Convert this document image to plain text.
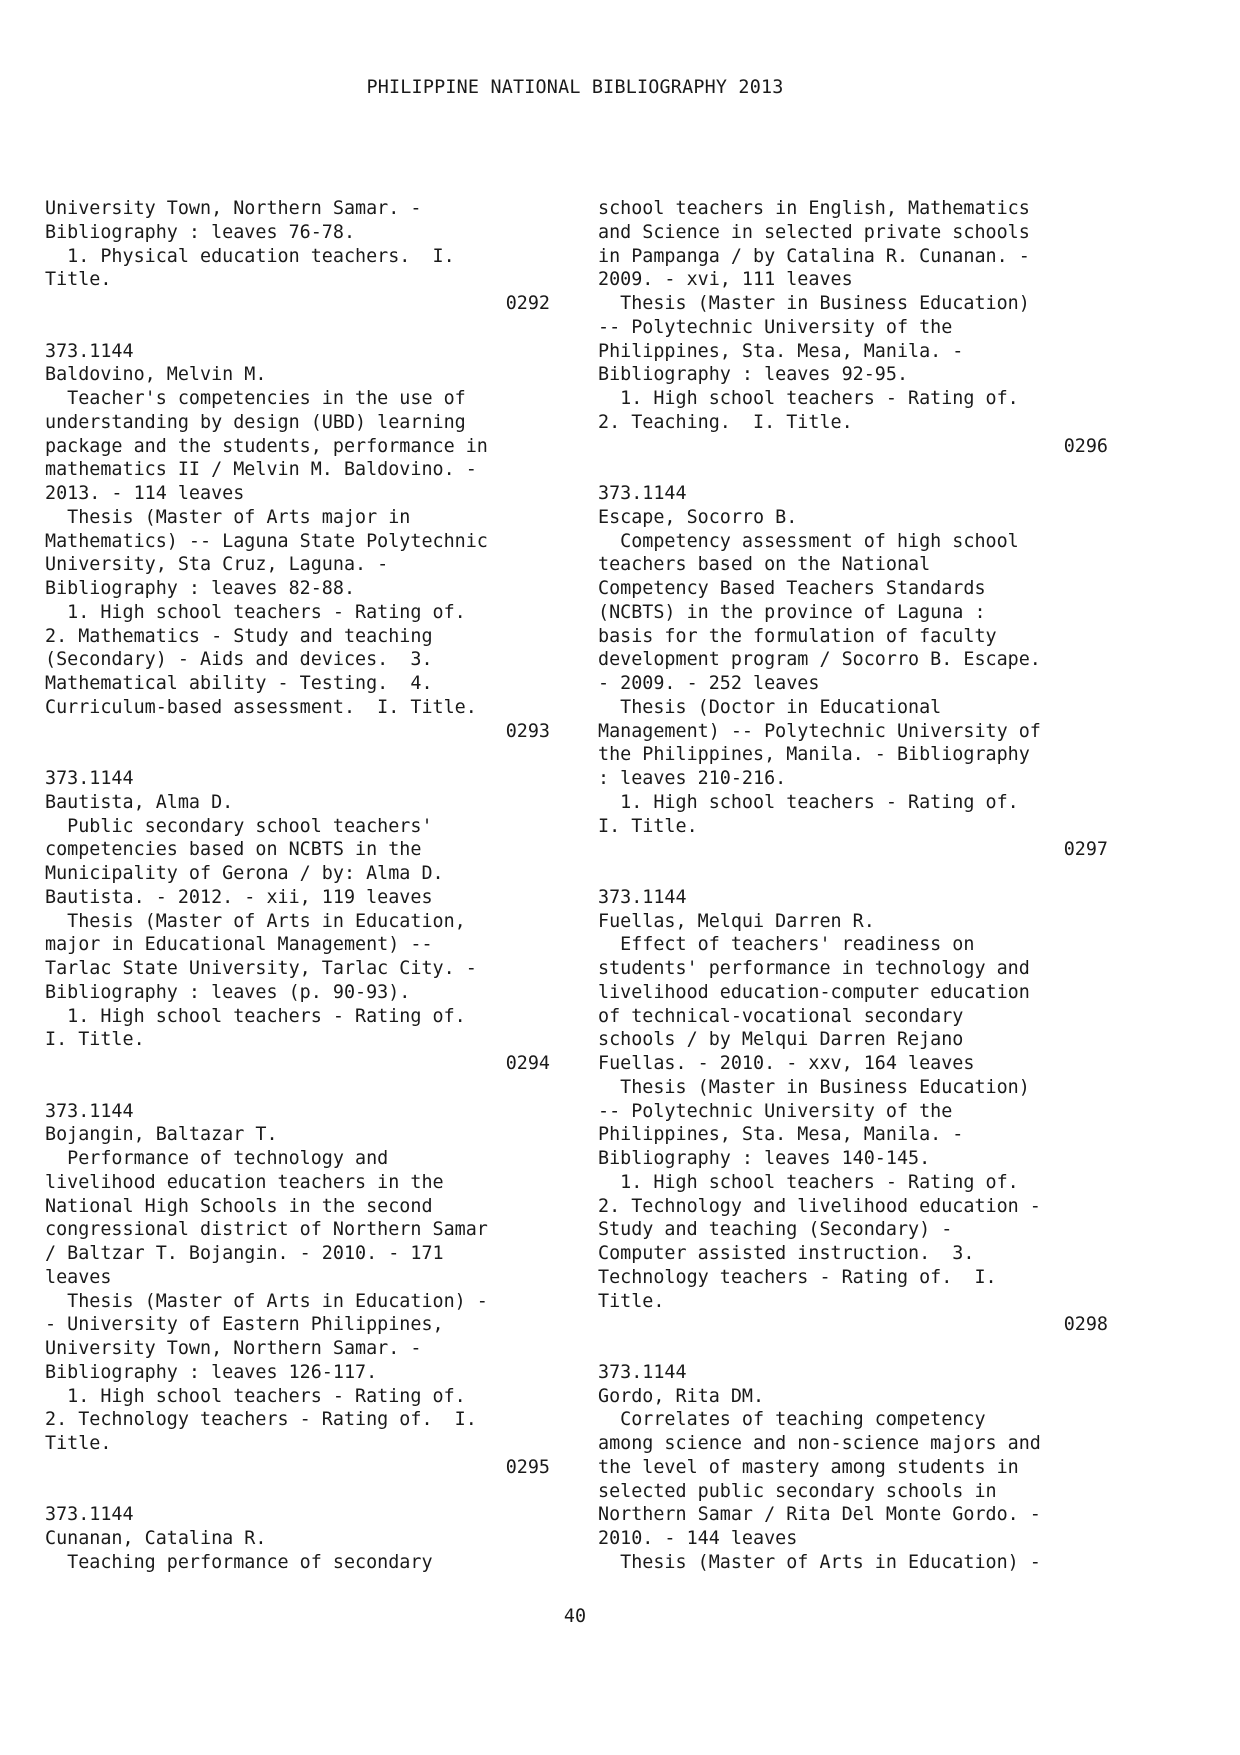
PHILIPPINE NATIONAL BIBLIOGRAPHY 2013
University Town, Northern Samar. -
Bibliography : leaves 76-78.
1. Physical education teachers.  I.
Title.
0292
373.1144
Baldovino, Melvin M.
Teacher's competencies in the use of
understanding by design (UBD) learning
package and the students, performance in
mathematics II / Melvin M. Baldovino. -
2013. - 114 leaves
Thesis (Master of Arts major in
Mathematics) -- Laguna State Polytechnic
University, Sta Cruz, Laguna. -
Bibliography : leaves 82-88.
1. High school teachers - Rating of.
2. Mathematics - Study and teaching
(Secondary) - Aids and devices.  3.
Mathematical ability - Testing.  4.
Curriculum-based assessment.  I. Title.
0293
373.1144
Bautista, Alma D.
Public secondary school teachers'
competencies based on NCBTS in the
Municipality of Gerona / by: Alma D.
Bautista. - 2012. - xii, 119 leaves
Thesis (Master of Arts in Education,
major in Educational Management) --
Tarlac State University, Tarlac City. -
Bibliography : leaves (p. 90-93).
1. High school teachers - Rating of.
I. Title.
0294
373.1144
Bojangin, Baltazar T.
Performance of technology and
livelihood education teachers in the
National High Schools in the second
congressional district of Northern Samar
/ Baltzar T. Bojangin. - 2010. - 171
leaves
Thesis (Master of Arts in Education) -
- University of Eastern Philippines,
University Town, Northern Samar. -
Bibliography : leaves 126-117.
1. High school teachers - Rating of.
2. Technology teachers - Rating of.  I.
Title.
0295
373.1144
Cunanan, Catalina R.
Teaching performance of secondary
school teachers in English, Mathematics
and Science in selected private schools
in Pampanga / by Catalina R. Cunanan. -
2009. - xvi, 111 leaves
Thesis (Master in Business Education)
-- Polytechnic University of the
Philippines, Sta. Mesa, Manila. -
Bibliography : leaves 92-95.
1. High school teachers - Rating of.
2. Teaching.  I. Title.
0296
373.1144
Escape, Socorro B.
Competency assessment of high school
teachers based on the National
Competency Based Teachers Standards
(NCBTS) in the province of Laguna :
basis for the formulation of faculty
development program / Socorro B. Escape.
- 2009. - 252 leaves
Thesis (Doctor in Educational
Management) -- Polytechnic University of
the Philippines, Manila. - Bibliography
: leaves 210-216.
1. High school teachers - Rating of.
I. Title.
0297
373.1144
Fuellas, Melqui Darren R.
Effect of teachers' readiness on
students' performance in technology and
livelihood education-computer education
of technical-vocational secondary
schools / by Melqui Darren Rejano
Fuellas. - 2010. - xxv, 164 leaves
Thesis (Master in Business Education)
-- Polytechnic University of the
Philippines, Sta. Mesa, Manila. -
Bibliography : leaves 140-145.
1. High school teachers - Rating of.
2. Technology and livelihood education -
Study and teaching (Secondary) -
Computer assisted instruction.  3.
Technology teachers - Rating of.  I.
Title.
0298
373.1144
Gordo, Rita DM.
Correlates of teaching competency
among science and non-science majors and
the level of mastery among students in
selected public secondary schools in
Northern Samar / Rita Del Monte Gordo. -
2010. - 144 leaves
Thesis (Master of Arts in Education) -
40
